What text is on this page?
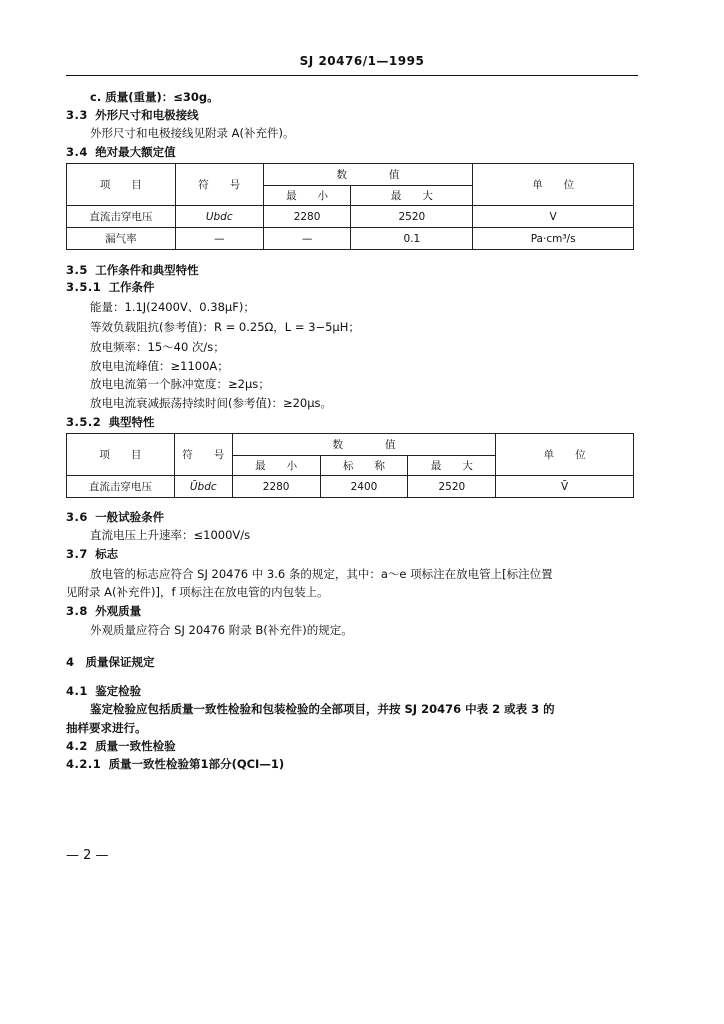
SJ 20476/1—1995
c. 质量(重量)：≤30g。
3.3 外形尺寸和电极接线
外形尺寸和电极接线见附录 A(补充件)。
3.4 绝对最大额定值
项　　目	符　　号	数　　　　值		单　　位
		最　　小	最　　大	
直流击穿电压	Ubdc	2280	2520	V
漏气率	—	—	0.1	Pa·cm³/s
3.5 工作条件和典型特性
3.5.1 工作条件
能量：1.1J(2400V、0.38μF)；
等效负载阻抗(参考值)：R = 0.25Ω，L = 3−5μH；
放电频率：15～40 次/s；
放电电流峰值：≥1100A；
放电电流第一个脉冲宽度：≥2μs；
放电电流衰减振荡持续时间(参考值)：≥20μs。
3.5.2 典型特性
项　　目	符　　号	数　　　　值			单　　位
		最　　小	标　　称	最　　大	
直流击穿电压	Ūbdc	2280	2400	2520	V̄
3.6 一般试验条件
直流电压上升速率：≤1000V/s
3.7 标志
放电管的标志应符合 SJ 20476 中 3.6 条的规定，其中：a～e 项标注在放电管上[标注位置
见附录 A(补充件)]，f 项标注在放电管的内包装上。
3.8 外观质量
外观质量应符合 SJ 20476 附录 B(补充件)的规定。
4 质量保证规定
4.1 鉴定检验
鉴定检验应包括质量一致性检验和包装检验的全部项目，并按 SJ 20476 中表 2 或表 3 的
抽样要求进行。
4.2 质量一致性检验
4.2.1 质量一致性检验第1部分(QCI—1)
— 2 —
